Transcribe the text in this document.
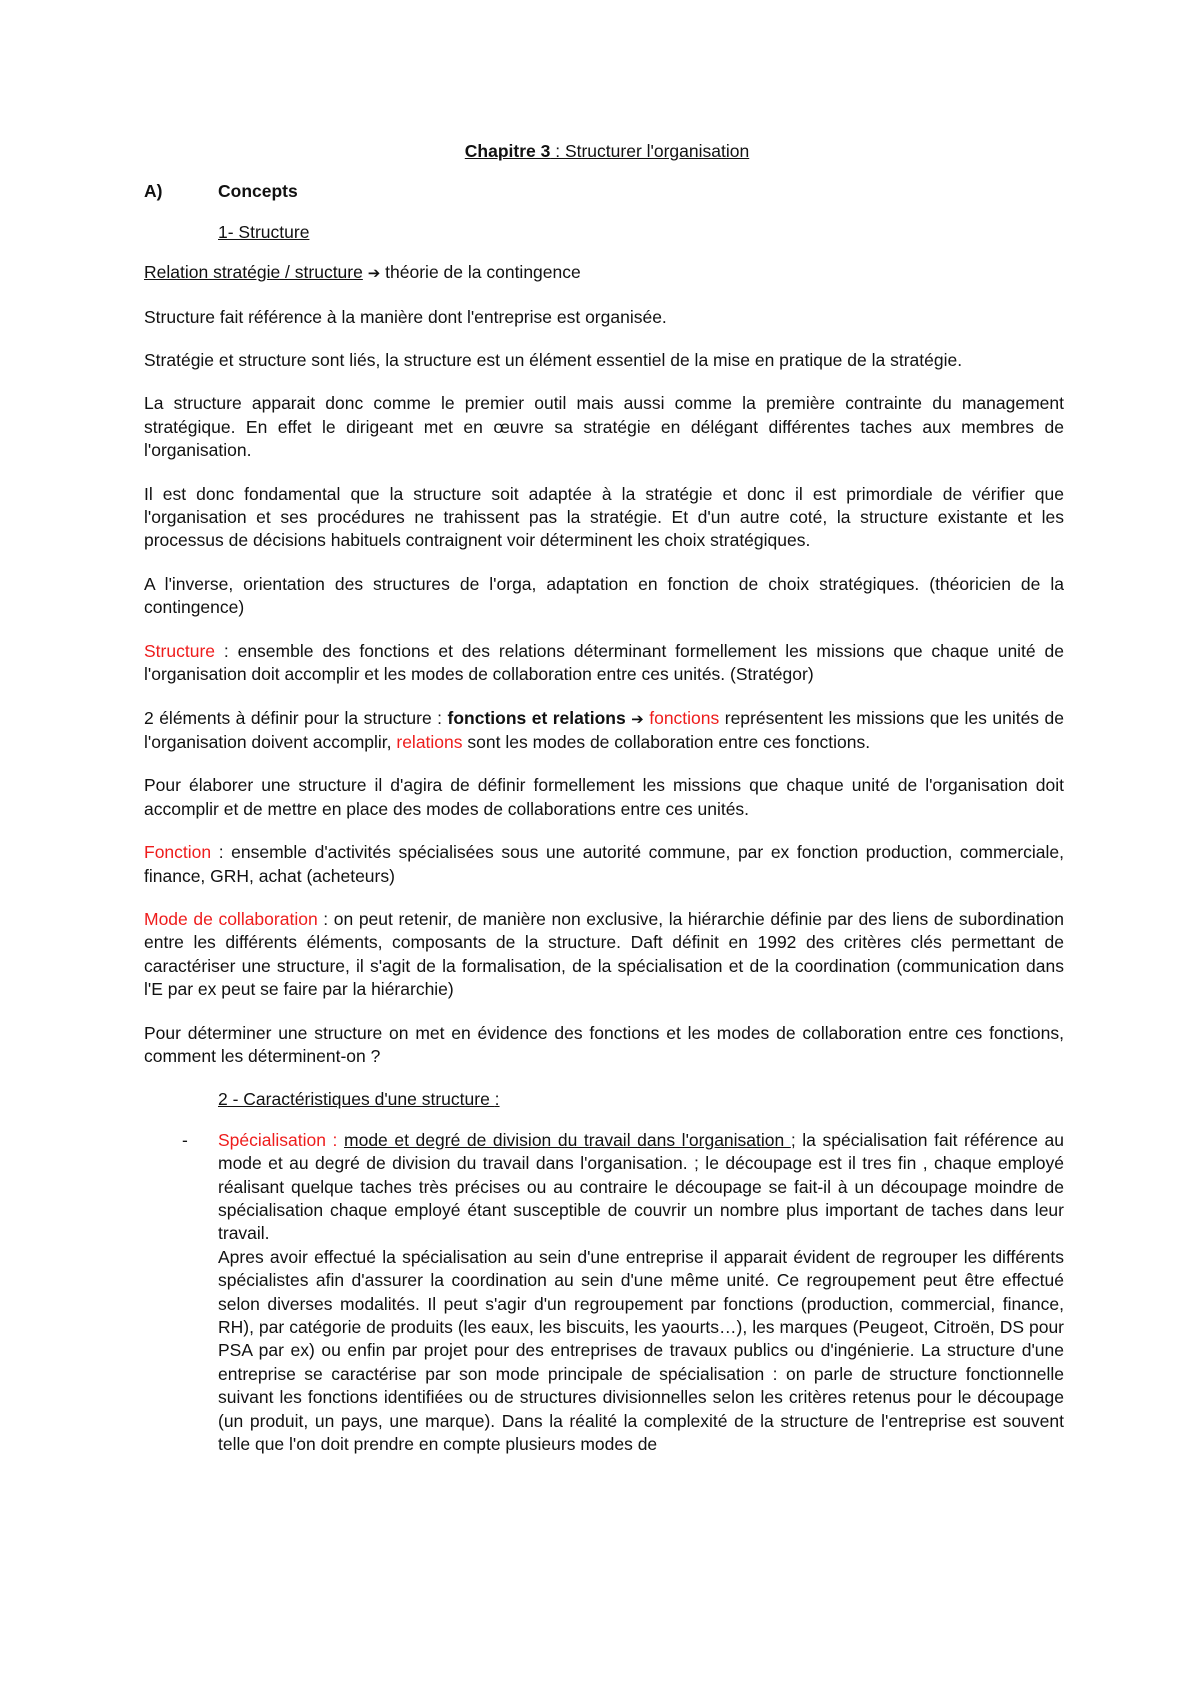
Chapitre 3 : Structurer l'organisation
A)	Concepts
1- Structure

Relation stratégie / structure ➔ théorie de la contingence

Structure fait référence à la manière dont l'entreprise est organisée.

Stratégie et structure sont liés, la structure est un élément essentiel de la mise en pratique de la stratégie.

La structure apparait donc comme le premier outil mais aussi comme la première contrainte du management stratégique. En effet le dirigeant met en œuvre sa stratégie en délégant différentes taches aux membres de l'organisation.

Il est donc fondamental que la structure soit adaptée à la stratégie et donc il est primordiale de vérifier que l'organisation et ses procédures ne trahissent pas la stratégie. Et d'un autre coté, la structure existante et les processus de décisions habituels contraignent voir déterminent les choix stratégiques.

A l'inverse, orientation des structures de l'orga, adaptation en fonction de choix stratégiques. (théoricien de la contingence)

Structure : ensemble des fonctions et des relations déterminant formellement les missions que chaque unité de l'organisation doit accomplir et les modes de collaboration entre ces unités. (Stratégor)

2 éléments à définir pour la structure : fonctions et relations ➔ fonctions représentent les missions que les unités de l'organisation doivent accomplir, relations sont les modes de collaboration entre ces fonctions.

Pour élaborer une structure il d'agira de définir formellement les missions que chaque unité de l'organisation doit accomplir et de mettre en place des modes de collaborations entre ces unités.

Fonction : ensemble d'activités spécialisées sous une autorité commune, par ex fonction production, commerciale, finance, GRH, achat (acheteurs)

Mode de collaboration : on peut retenir, de manière non exclusive, la hiérarchie définie par des liens de subordination entre les différents éléments, composants de la structure. Daft définit en 1992 des critères clés permettant de caractériser une structure, il s'agit de la formalisation, de la spécialisation et de la coordination (communication dans l'E par ex peut se faire par la hiérarchie)

Pour déterminer une structure on met en évidence des fonctions et les modes de collaboration entre ces fonctions, comment les déterminent-on ?

2 - Caractéristiques d'une structure :
- Spécialisation : mode et degré de division du travail dans l'organisation ; la spécialisation fait référence au mode et au degré de division du travail dans l'organisation. ; le découpage est il tres fin , chaque employé réalisant quelque taches très précises ou au contraire le découpage se fait-il à un découpage moindre de spécialisation chaque employé étant susceptible de couvrir un nombre plus important de taches dans leur travail.
Apres avoir effectué la spécialisation au sein d'une entreprise il apparait évident de regrouper les différents spécialistes afin d'assurer la coordination au sein d'une même unité. Ce regroupement peut être effectué selon diverses modalités. Il peut s'agir d'un regroupement par fonctions (production, commercial, finance, RH), par catégorie de produits (les eaux, les biscuits, les yaourts…), les marques (Peugeot, Citroën, DS pour PSA par ex) ou enfin par projet pour des entreprises de travaux publics ou d'ingénierie. La structure d'une entreprise se caractérise par son mode principale de spécialisation : on parle de structure fonctionnelle suivant les fonctions identifiées ou de structures divisionnelles selon les critères retenus pour le découpage (un produit, un pays, une marque). Dans la réalité la complexité de la structure de l'entreprise est souvent telle que l'on doit prendre en compte plusieurs modes de
